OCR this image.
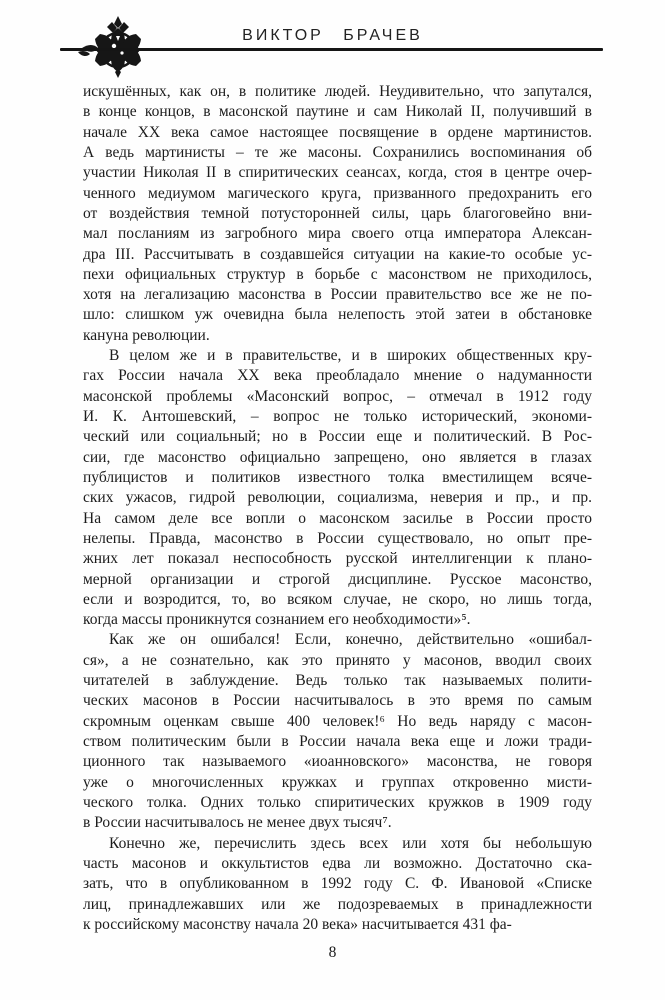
ВИКТОР БРАЧЕВ
искушённых, как он, в политике людей. Неудивительно, что запутался,
в конце концов, в масонской паутине и сам Николай II, получивший в
начале XX века самое настоящее посвящение в ордене мартинистов.
А ведь мартинисты – те же масоны. Сохранились воспоминания об
участии Николая II в спиритических сеансах, когда, стоя в центре очер-
ченного медиумом магического круга, призванного предохранить его
от воздействия темной потусторонней силы, царь благоговейно вни-
мал посланиям из загробного мира своего отца императора Алексан-
дра III. Рассчитывать в создавшейся ситуации на какие-то особые ус-
пехи официальных структур в борьбе с масонством не приходилось,
хотя на легализацию масонства в России правительство все же не по-
шло: слишком уж очевидна была нелепость этой затеи в обстановке
кануна революции.
В целом же и в правительстве, и в широких общественных кру-
гах России начала XX века преобладало мнение о надуманности
масонской проблемы «Масонский вопрос, – отмечал в 1912 году
И. К. Антошевский, – вопрос не только исторический, экономи-
ческий или социальный; но в России еще и политический. В Рос-
сии, где масонство официально запрещено, оно является в глазах
публицистов и политиков известного толка вместилищем всяче-
ских ужасов, гидрой революции, социализма, неверия и пр., и пр.
На самом деле все вопли о масонском засилье в России просто
нелепы. Правда, масонство в России существовало, но опыт пре-
жних лет показал неспособность русской интеллигенции к плано-
мерной организации и строгой дисциплине. Русское масонство,
если и возродится, то, во всяком случае, не скоро, но лишь тогда,
когда массы проникнутся сознанием его необходимости»⁵.
Как же он ошибался! Если, конечно, действительно «ошибал-
ся», а не сознательно, как это принято у масонов, вводил своих
читателей в заблуждение. Ведь только так называемых полити-
ческих масонов в России насчитывалось в это время по самым
скромным оценкам свыше 400 человек!⁶ Но ведь наряду с масон-
ством политическим были в России начала века еще и ложи тради-
ционного так называемого «иоанновского» масонства, не говоря
уже о многочисленных кружках и группах откровенно мисти-
ческого толка. Одних только спиритических кружков в 1909 году
в России насчитывалось не менее двух тысяч⁷.
Конечно же, перечислить здесь всех или хотя бы небольшую
часть масонов и оккультистов едва ли возможно. Достаточно ска-
зать, что в опубликованном в 1992 году С. Ф. Ивановой «Списке
лиц, принадлежавших или же подозреваемых в принадлежности
к российскому масонству начала 20 века» насчитывается 431 фа-
8
